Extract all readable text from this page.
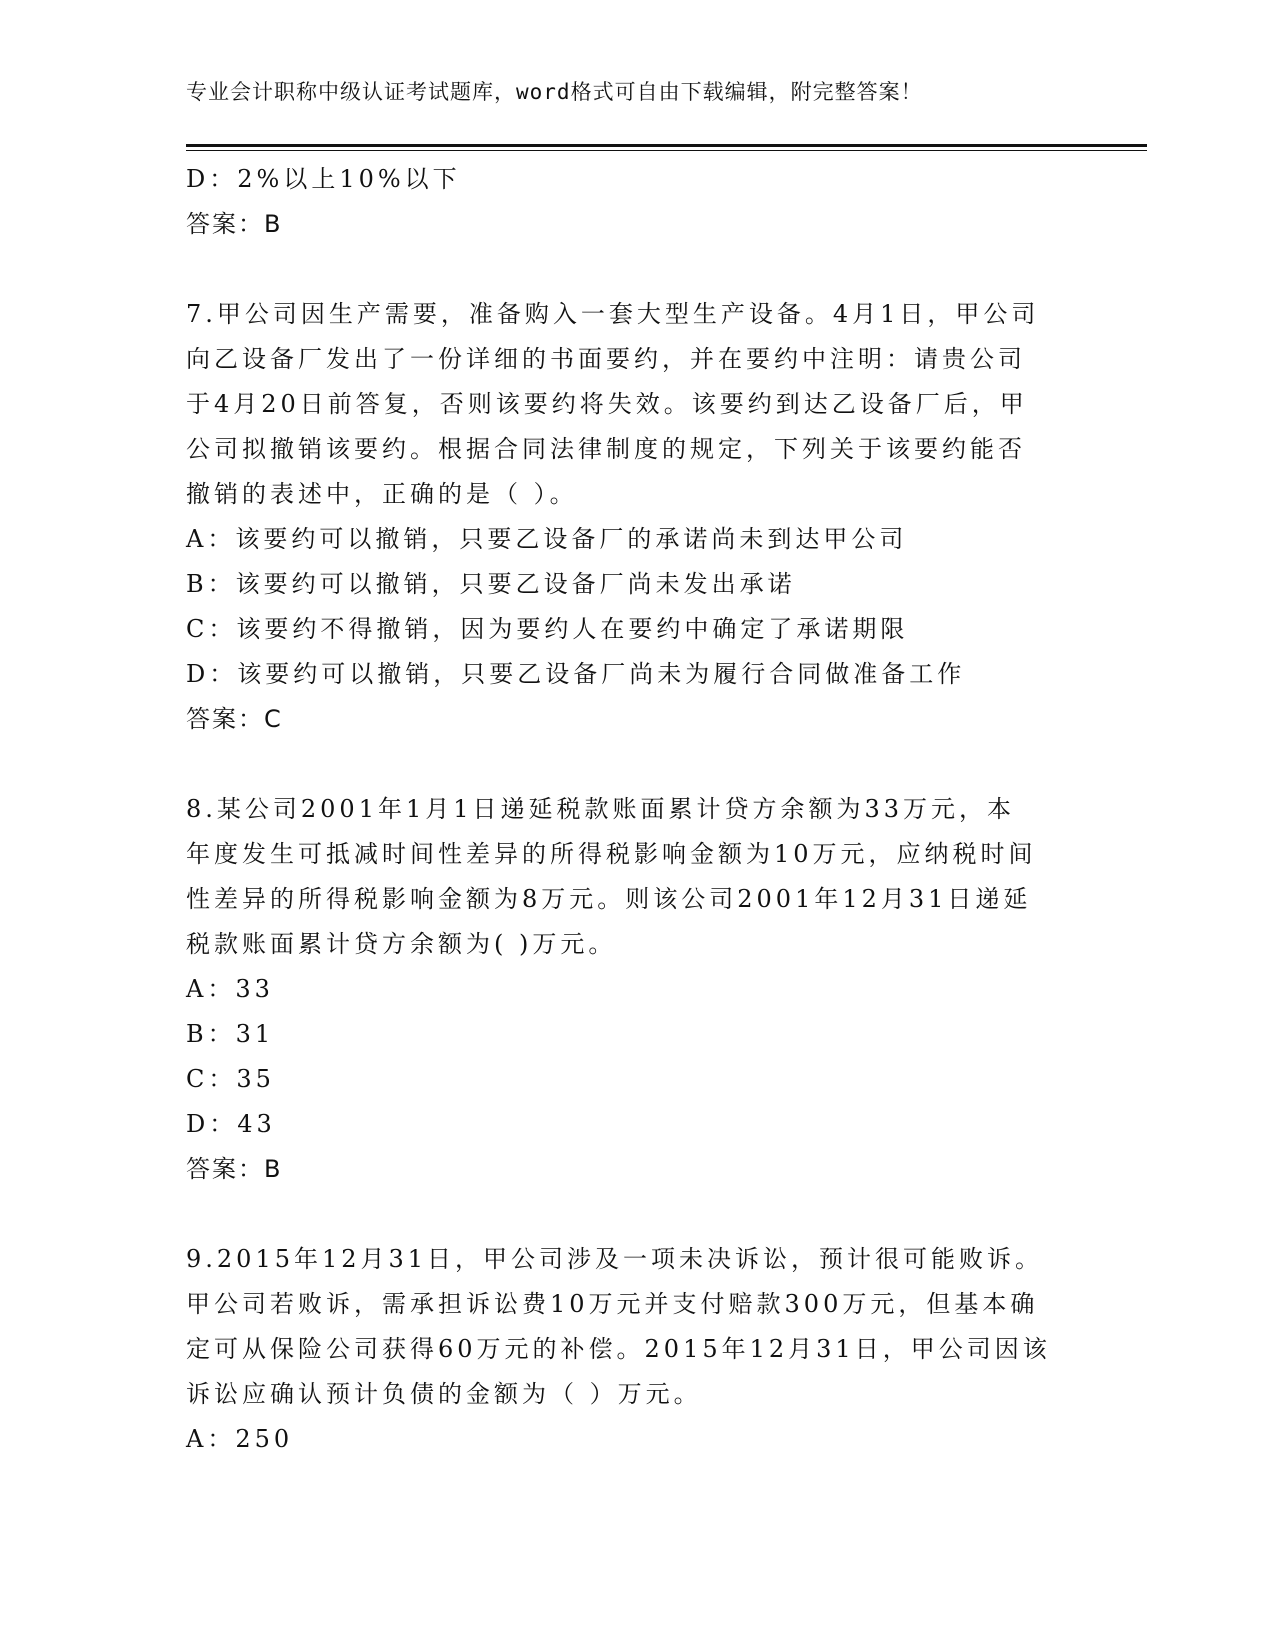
专业会计职称中级认证考试题库，word格式可自由下载编辑，附完整答案！
D：2%以上10%以下
答案：B
7.甲公司因生产需要，准备购入一套大型生产设备。4月1日，甲公司
向乙设备厂发出了一份详细的书面要约，并在要约中注明：请贵公司
于4月20日前答复，否则该要约将失效。该要约到达乙设备厂后，甲
公司拟撤销该要约。根据合同法律制度的规定，下列关于该要约能否
撤销的表述中，正确的是（ ）。
A：该要约可以撤销，只要乙设备厂的承诺尚未到达甲公司
B：该要约可以撤销，只要乙设备厂尚未发出承诺
C：该要约不得撤销，因为要约人在要约中确定了承诺期限
D：该要约可以撤销，只要乙设备厂尚未为履行合同做准备工作
答案：C
8.某公司2001年1月1日递延税款账面累计贷方余额为33万元，本
年度发生可抵减时间性差异的所得税影响金额为10万元，应纳税时间
性差异的所得税影响金额为8万元。则该公司2001年12月31日递延
税款账面累计贷方余额为( )万元。
A：33
B：31
C：35
D：43
答案：B
9.2015年12月31日，甲公司涉及一项未决诉讼，预计很可能败诉。
甲公司若败诉，需承担诉讼费10万元并支付赔款300万元，但基本确
定可从保险公司获得60万元的补偿。2015年12月31日，甲公司因该
诉讼应确认预计负债的金额为（ ）万元。
A：250
